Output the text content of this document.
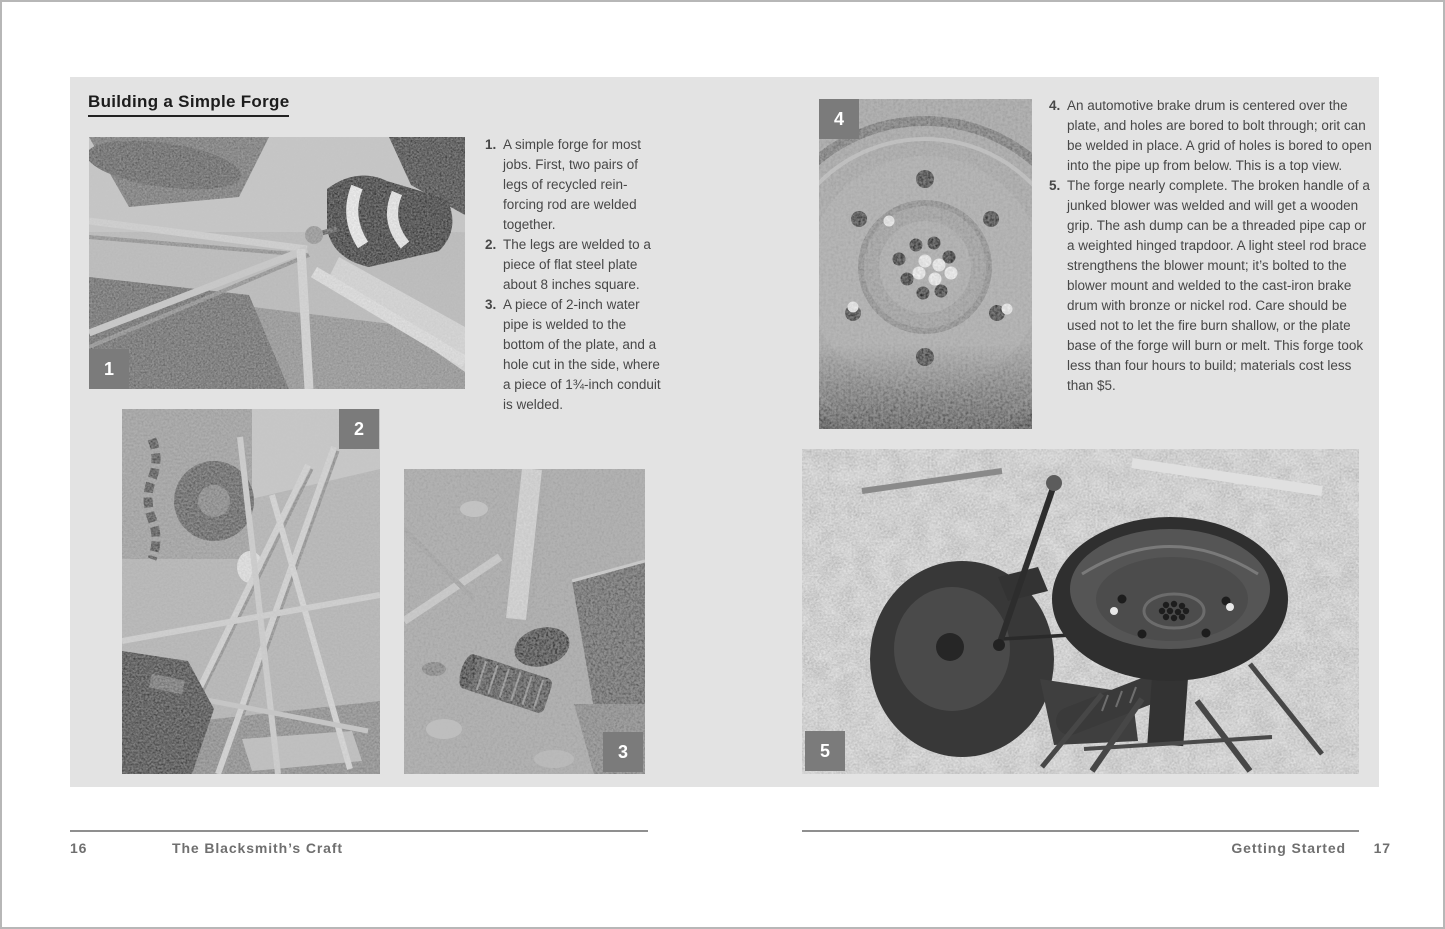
Building a Simple Forge
1
2
3
4
5
1. A simple forge for most jobs. First, two pairs of legs of recycled rein-forcing rod are welded together.
2. The legs are welded to a piece of flat steel plate about 8 inches square.
3. A piece of 2-inch water pipe is welded to the bottom of the plate, and a hole cut in the side, where a piece of 1¾-inch conduit is welded.
4. An automotive brake drum is centered over the plate, and holes are bored to bolt through; orit can be welded in place. A grid of holes is bored to open into the pipe up from below. This is a top view.
5. The forge nearly complete. The broken handle of a junked blower was welded and will get a wooden grip. The ash dump can be a threaded pipe cap or a weighted hinged trapdoor. A light steel rod brace strengthens the blower mount; it’s bolted to the blower mount and welded to the cast-iron brake drum with bronze or nickel rod. Care should be used not to let the fire burn shallow, or the plate base of the forge will burn or melt. This forge took less than four hours to build; materials cost less than $5.
16	The Blacksmith’s Craft	Getting Started 17
